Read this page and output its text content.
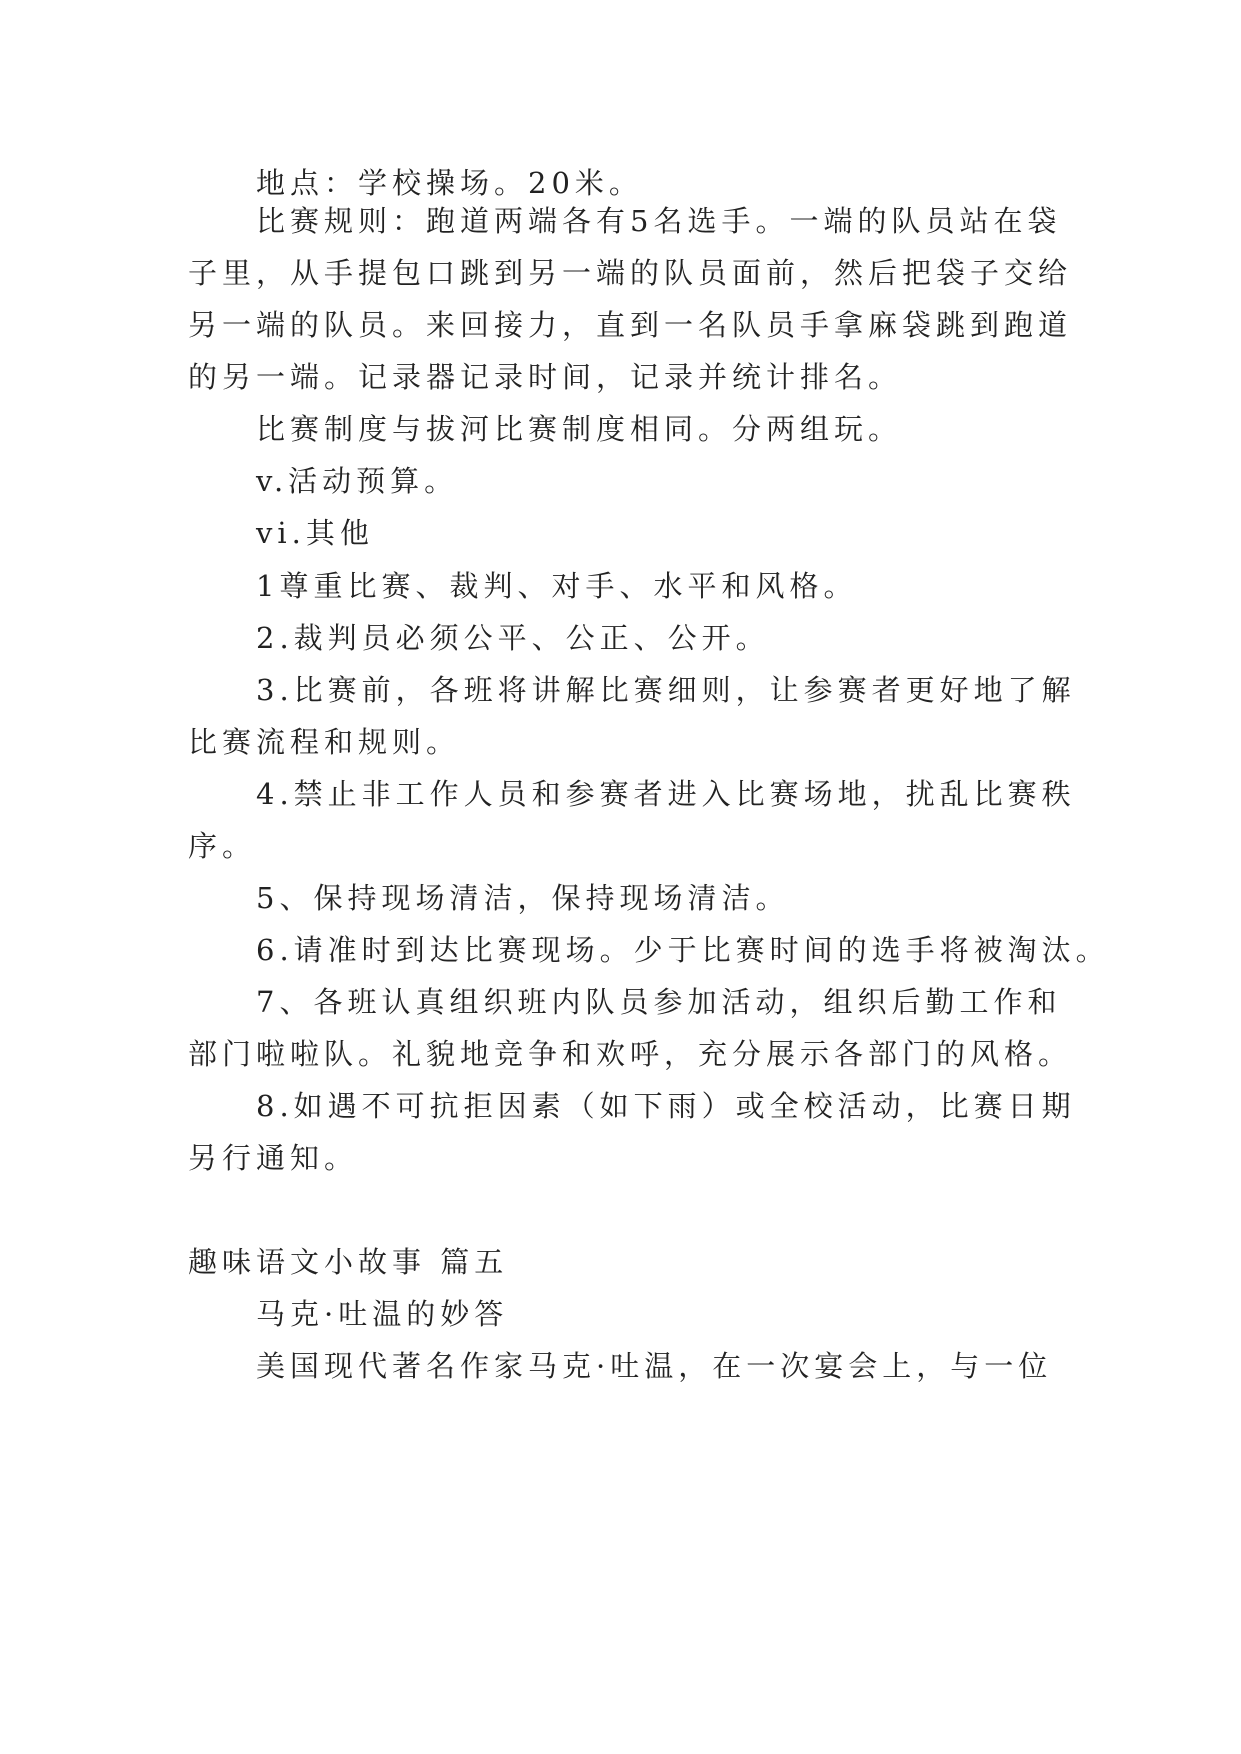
地点：学校操场。20米。
比赛规则：跑道两端各有5名选手。一端的队员站在袋
子里，从手提包口跳到另一端的队员面前，然后把袋子交给
另一端的队员。来回接力，直到一名队员手拿麻袋跳到跑道
的另一端。记录器记录时间，记录并统计排名。
比赛制度与拔河比赛制度相同。分两组玩。
v.活动预算。
vi.其他
1尊重比赛、裁判、对手、水平和风格。
2.裁判员必须公平、公正、公开。
3.比赛前，各班将讲解比赛细则，让参赛者更好地了解
比赛流程和规则。
4.禁止非工作人员和参赛者进入比赛场地，扰乱比赛秩
序。
5、保持现场清洁，保持现场清洁。
6.请准时到达比赛现场。少于比赛时间的选手将被淘汰。
7、各班认真组织班内队员参加活动，组织后勤工作和
部门啦啦队。礼貌地竞争和欢呼，充分展示各部门的风格。
8.如遇不可抗拒因素（如下雨）或全校活动，比赛日期
另行通知。
趣味语文小故事 篇五
马克·吐温的妙答
美国现代著名作家马克·吐温，在一次宴会上，与一位
